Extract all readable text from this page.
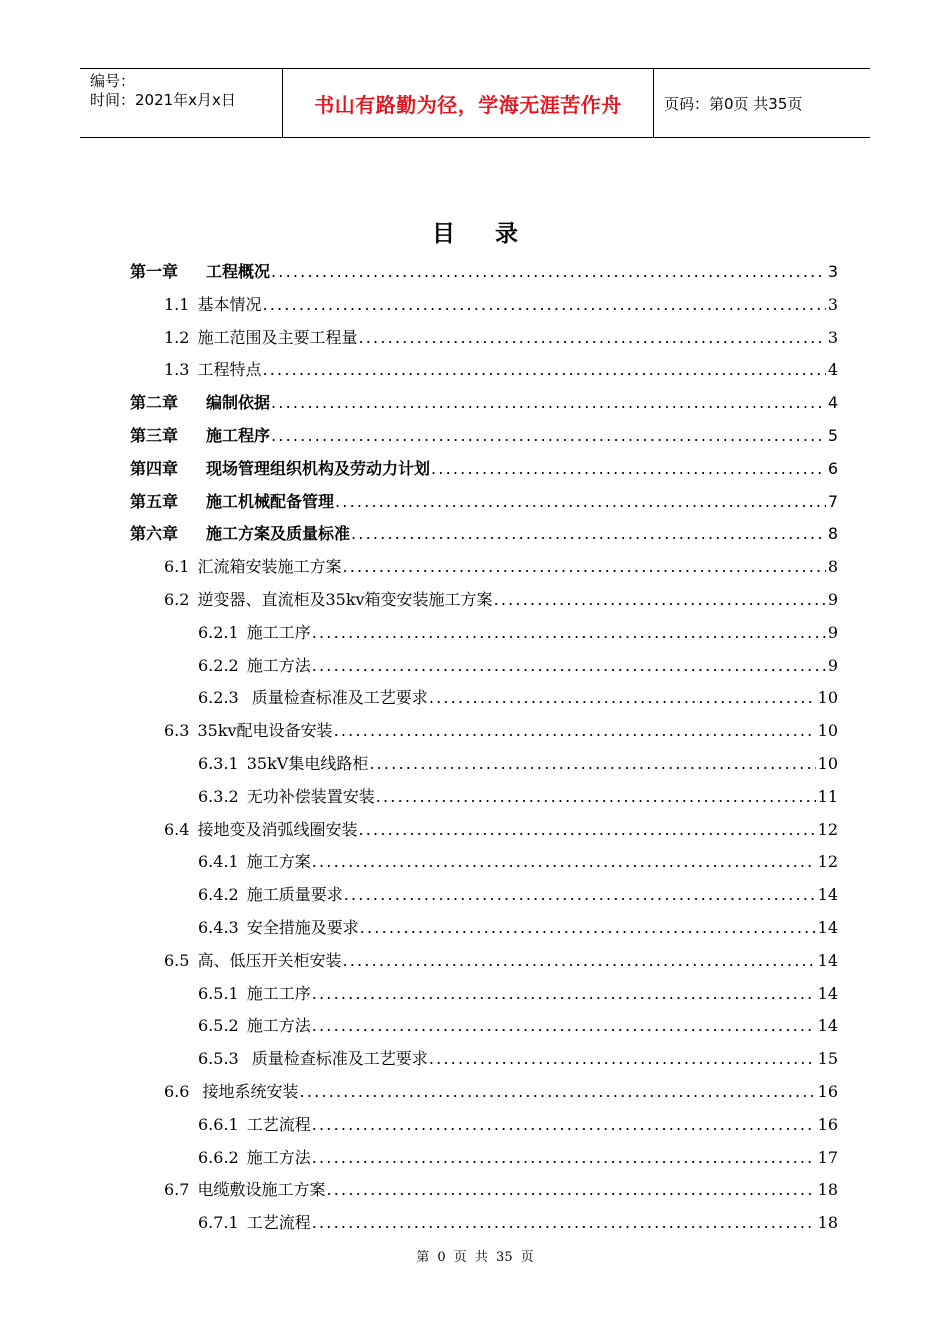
编号：
时间：2021年x月x日	书山有路勤为径，学海无涯苦作舟	页码：第0页 共35页
目录
第一章 工程概况 .....	3
1.1 基本情况 .....	3
1.2 施工范围及主要工程量 .....	3
1.3 工程特点 .....	4
第二章 编制依据 .....	4
第三章 施工程序 .....	5
第四章 现场管理组织机构及劳动力计划 .....	6
第五章 施工机械配备管理 .....	7
第六章 施工方案及质量标准 .....	8
6.1 汇流箱安装施工方案 .....	8
6.2 逆变器、直流柜及35kv箱变安装施工方案 .....	9
6.2.1 施工工序 .....	9
6.2.2 施工方法 .....	9
6.2.3 质量检查标准及工艺要求 .....	10
6.3 35kv配电设备安装 .....	10
6.3.1 35kV集电线路柜 .....	10
6.3.2 无功补偿装置安装 .....	11
6.4 接地变及消弧线圈安装 .....	12
6.4.1 施工方案 .....	12
6.4.2 施工质量要求 .....	14
6.4.3 安全措施及要求 .....	14
6.5 高、低压开关柜安装 .....	14
6.5.1 施工工序 .....	14
6.5.2 施工方法 .....	14
6.5.3 质量检查标准及工艺要求 .....	15
6.6 接地系统安装 .....	16
6.6.1 工艺流程 .....	16
6.6.2 施工方法 .....	17
6.7 电缆敷设施工方案 .....	18
6.7.1 工艺流程 .....	18
第 0 页 共 35 页
